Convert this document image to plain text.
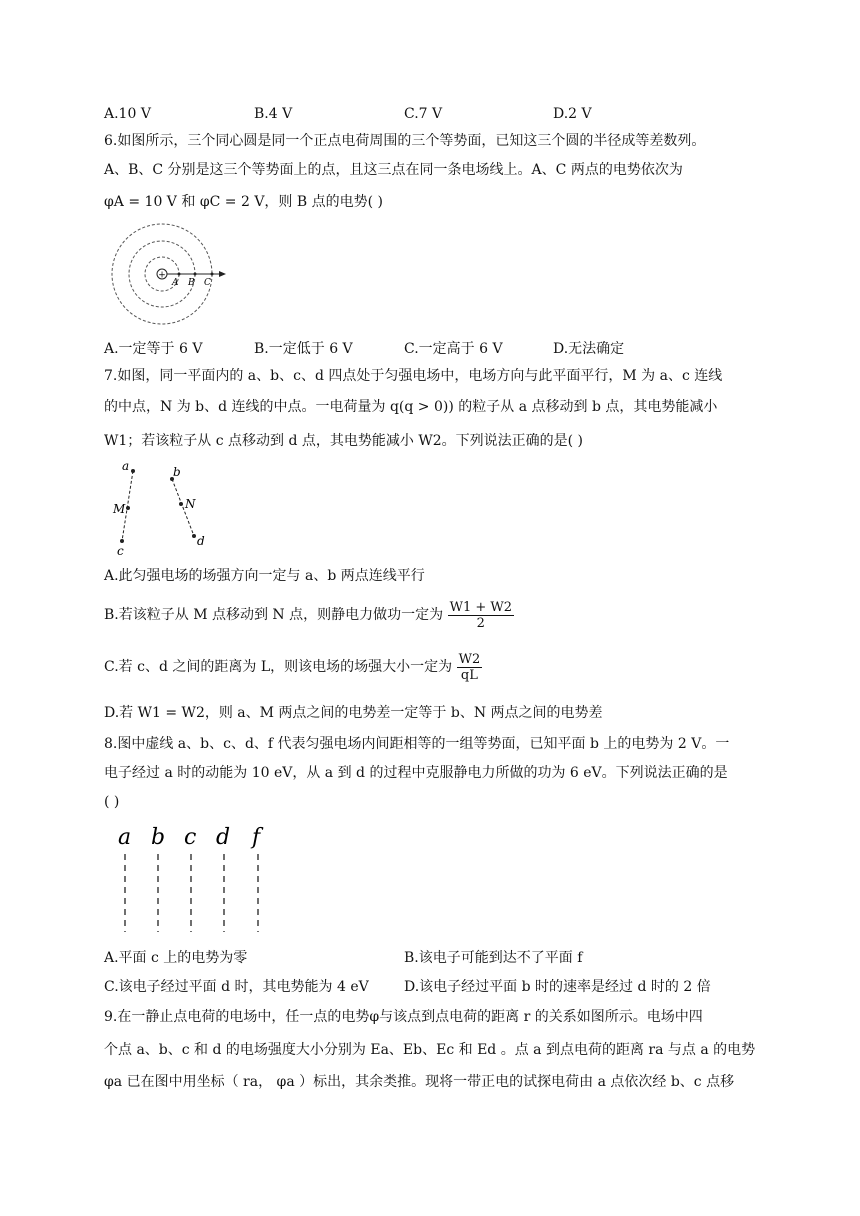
A.10 V	B.4 V	C.7 V	D.2 V
6.如图所示，三个同心圆是同一个正点电荷周围的三个等势面，已知这三个圆的半径成等差数列。
A、B、C 分别是这三个等势面上的点，且这三点在同一条电场线上。A、C 两点的电势依次为
φA = 10 V 和 φC = 2 V，则 B 点的电势( )
+
A B C
A.一定等于 6 V	B.一定低于 6 V	C.一定高于 6 V	D.无法确定
7.如图，同一平面内的 a、b、c、d 四点处于匀强电场中，电场方向与此平面平行，M 为 a、c 连线
的中点，N 为 b、d 连线的中点。一电荷量为 q(q > 0)) 的粒子从 a 点移动到 b 点，其电势能减小
W1；若该粒子从 c 点移动到 d 点，其电势能减小 W2。下列说法正确的是( )
a
M
c
b
N
d
A.此匀强电场的场强方向一定与 a、b 两点连线平行
B.若该粒子从 M 点移动到 N 点，则静电力做功一定为 $\frac{W1 + W2}{2}$
C.若 c、d 之间的距离为 L，则该电场的场强大小一定为 $\frac{W2}{qL}$
D.若 W1 = W2，则 a、M 两点之间的电势差一定等于 b、N 两点之间的电势差
8.图中虚线 a、b、c、d、f 代表匀强电场内间距相等的一组等势面，已知平面 b 上的电势为 2 V。一
电子经过 a 时的动能为 10 eV，从 a 到 d 的过程中克服静电力所做的功为 6 eV。下列说法正确的是
( )
a b c d f
A.平面 c 上的电势为零	B.该电子可能到达不了平面 f
C.该电子经过平面 d 时，其电势能为 4 eV	D.该电子经过平面 b 时的速率是经过 d 时的 2 倍
9.在一静止点电荷的电场中，任一点的电势φ与该点到点电荷的距离 r 的关系如图所示。电场中四
个点 a、b、c 和 d 的电场强度大小分别为 Ea、Eb、Ec 和 Ed 。点 a 到点电荷的距离 ra 与点 a 的电势
φa 已在图中用坐标（ ra， φa ）标出，其余类推。现将一带正电的试探电荷由 a 点依次经 b、c 点移
